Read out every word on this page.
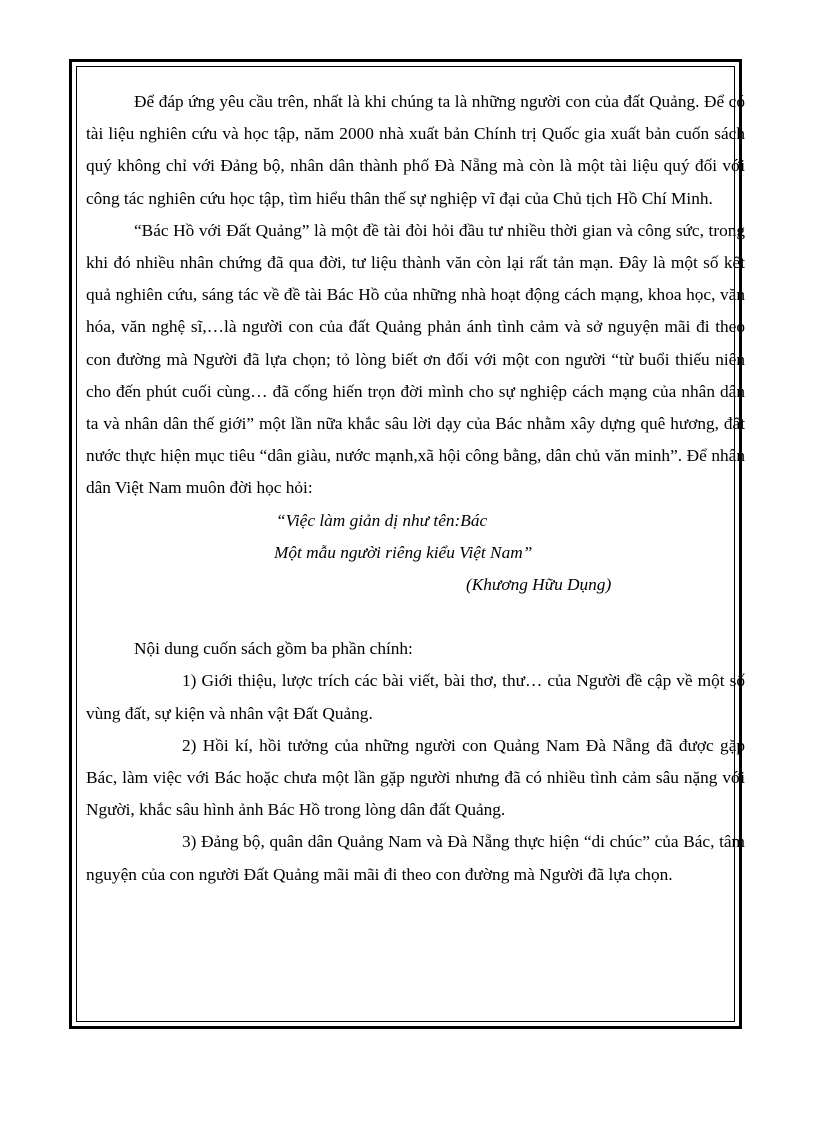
Để đáp ứng yêu cầu trên, nhất là khi chúng ta là những người con của đất Quảng. Để có tài liệu nghiên cứu và học tập, năm 2000 nhà xuất bản Chính trị Quốc gia xuất bản cuốn sách quý không chỉ với Đảng bộ, nhân dân thành phố Đà Nẵng mà còn là một tài liệu quý đối với công tác nghiên cứu học tập, tìm hiểu thân thế sự nghiệp vĩ đại của Chủ tịch Hồ Chí Minh.

“Bác Hồ với Đất Quảng” là một đề tài đòi hỏi đầu tư nhiều thời gian và công sức, trong khi đó nhiều nhân chứng đã qua đời, tư liệu thành văn còn lại rất tản mạn. Đây là một số kết quả nghiên cứu, sáng tác về đề tài Bác Hồ của những nhà hoạt động cách mạng, khoa học, văn hóa, văn nghệ sĩ,…là người con của đất Quảng phản ánh tình cảm và sở nguyện mãi đi theo con đường mà Người đã lựa chọn; tỏ lòng biết ơn đối với một con người “từ buổi thiếu niên cho đến phút cuối cùng… đã cống hiến trọn đời mình cho sự nghiệp cách mạng của nhân dân ta và nhân dân thế giới” một lần nữa khắc sâu lời dạy của Bác nhằm xây dựng quê hương, đất nước thực hiện mục tiêu “dân giàu, nước mạnh,xã hội công bằng, dân chủ văn minh”. Để nhân dân Việt Nam muôn đời học hỏi:

“Việc làm giản dị như tên:Bác
Một mẫu người riêng kiểu Việt Nam”
(Khương Hữu Dụng)

Nội dung cuốn sách gồm ba phần chính:

1) Giới thiệu, lược trích các bài viết, bài thơ, thư… của Người đề cập về một số vùng đất, sự kiện và nhân vật Đất Quảng.

2) Hồi kí, hồi tưởng của những người con Quảng Nam Đà Nẵng đã được gặp Bác, làm việc với Bác hoặc chưa một lần gặp người nhưng đã có nhiều tình cảm sâu nặng với Người, khắc sâu hình ảnh Bác Hồ trong lòng dân đất Quảng.

3) Đảng bộ, quân dân Quảng Nam và Đà Nẵng thực hiện “di chúc” của Bác, tâm nguyện của con người Đất Quảng mãi mãi đi theo con đường mà Người đã lựa chọn.
